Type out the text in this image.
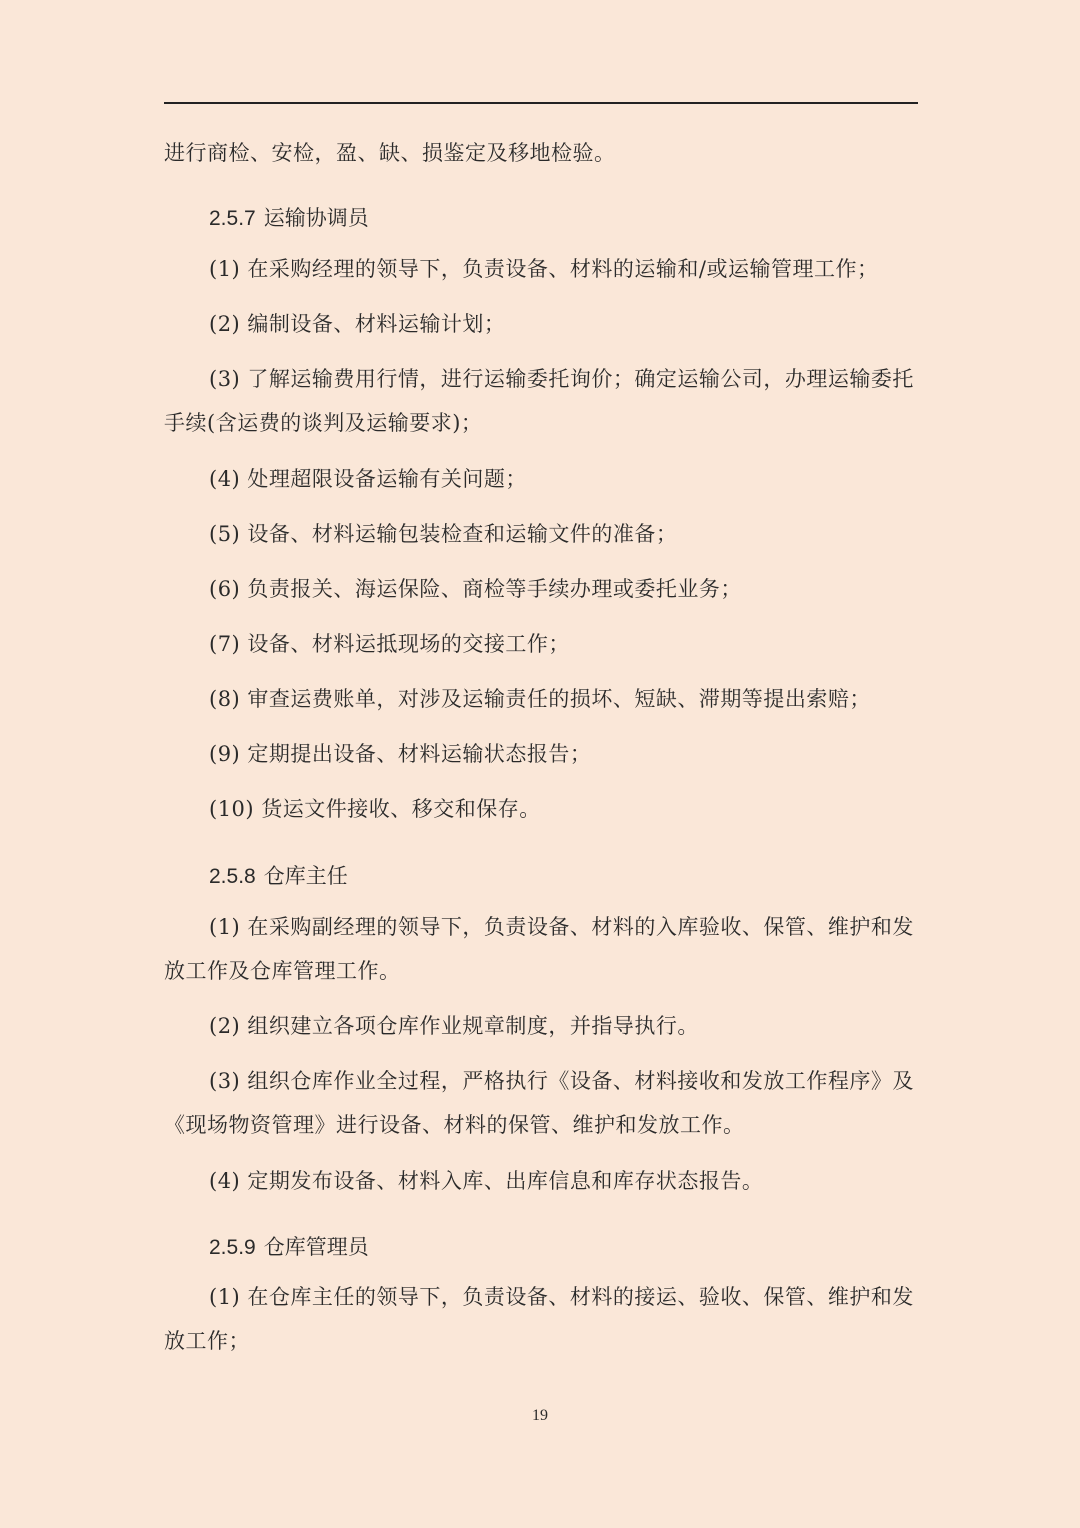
进行商检、安检，盈、缺、损鉴定及移地检验。
2.5.7 运输协调员
(1) 在采购经理的领导下，负责设备、材料的运输和/或运输管理工作；
(2) 编制设备、材料运输计划；
(3) 了解运输费用行情，进行运输委托询价；确定运输公司，办理运输委托
手续(含运费的谈判及运输要求)；
(4) 处理超限设备运输有关问题；
(5) 设备、材料运输包装检查和运输文件的准备；
(6) 负责报关、海运保险、商检等手续办理或委托业务；
(7) 设备、材料运抵现场的交接工作；
(8) 审查运费账单，对涉及运输责任的损坏、短缺、滞期等提出索赔；
(9) 定期提出设备、材料运输状态报告；
(10) 货运文件接收、移交和保存。
2.5.8 仓库主任
(1) 在采购副经理的领导下，负责设备、材料的入库验收、保管、维护和发
放工作及仓库管理工作。
(2) 组织建立各项仓库作业规章制度，并指导执行。
(3) 组织仓库作业全过程，严格执行《设备、材料接收和发放工作程序》及
《现场物资管理》进行设备、材料的保管、维护和发放工作。
(4) 定期发布设备、材料入库、出库信息和库存状态报告。
2.5.9 仓库管理员
(1) 在仓库主任的领导下，负责设备、材料的接运、验收、保管、维护和发
放工作；
19
